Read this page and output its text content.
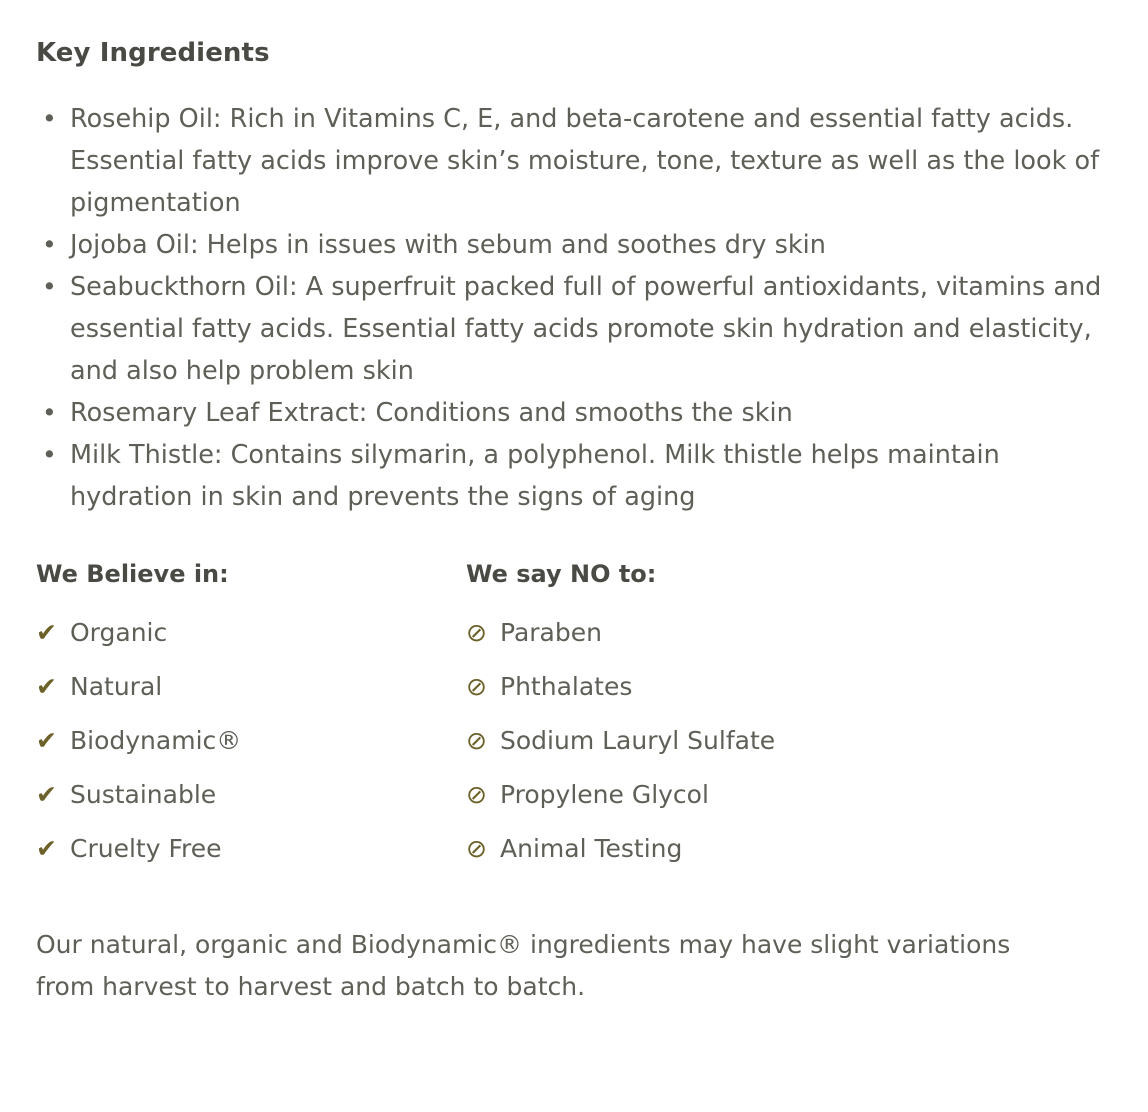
Key Ingredients
• Rosehip Oil: Rich in Vitamins C, E, and beta-carotene and essential fatty acids. Essential fatty acids improve skin’s moisture, tone, texture as well as the look of pigmentation
• Jojoba Oil: Helps in issues with sebum and soothes dry skin
• Seabuckthorn Oil: A superfruit packed full of powerful antioxidants, vitamins and essential fatty acids. Essential fatty acids promote skin hydration and elasticity, and also help problem skin
• Rosemary Leaf Extract: Conditions and smooths the skin
• Milk Thistle: Contains silymarin, a polyphenol. Milk thistle helps maintain hydration in skin and prevents the signs of aging
We Believe in:
✔ Organic
✔ Natural
✔ Biodynamic®
✔ Sustainable
✔ Cruelty Free
We say NO to:
⊘ Paraben
⊘ Phthalates
⊘ Sodium Lauryl Sulfate
⊘ Propylene Glycol
⊘ Animal Testing
Our natural, organic and Biodynamic® ingredients may have slight variations from harvest to harvest and batch to batch.
